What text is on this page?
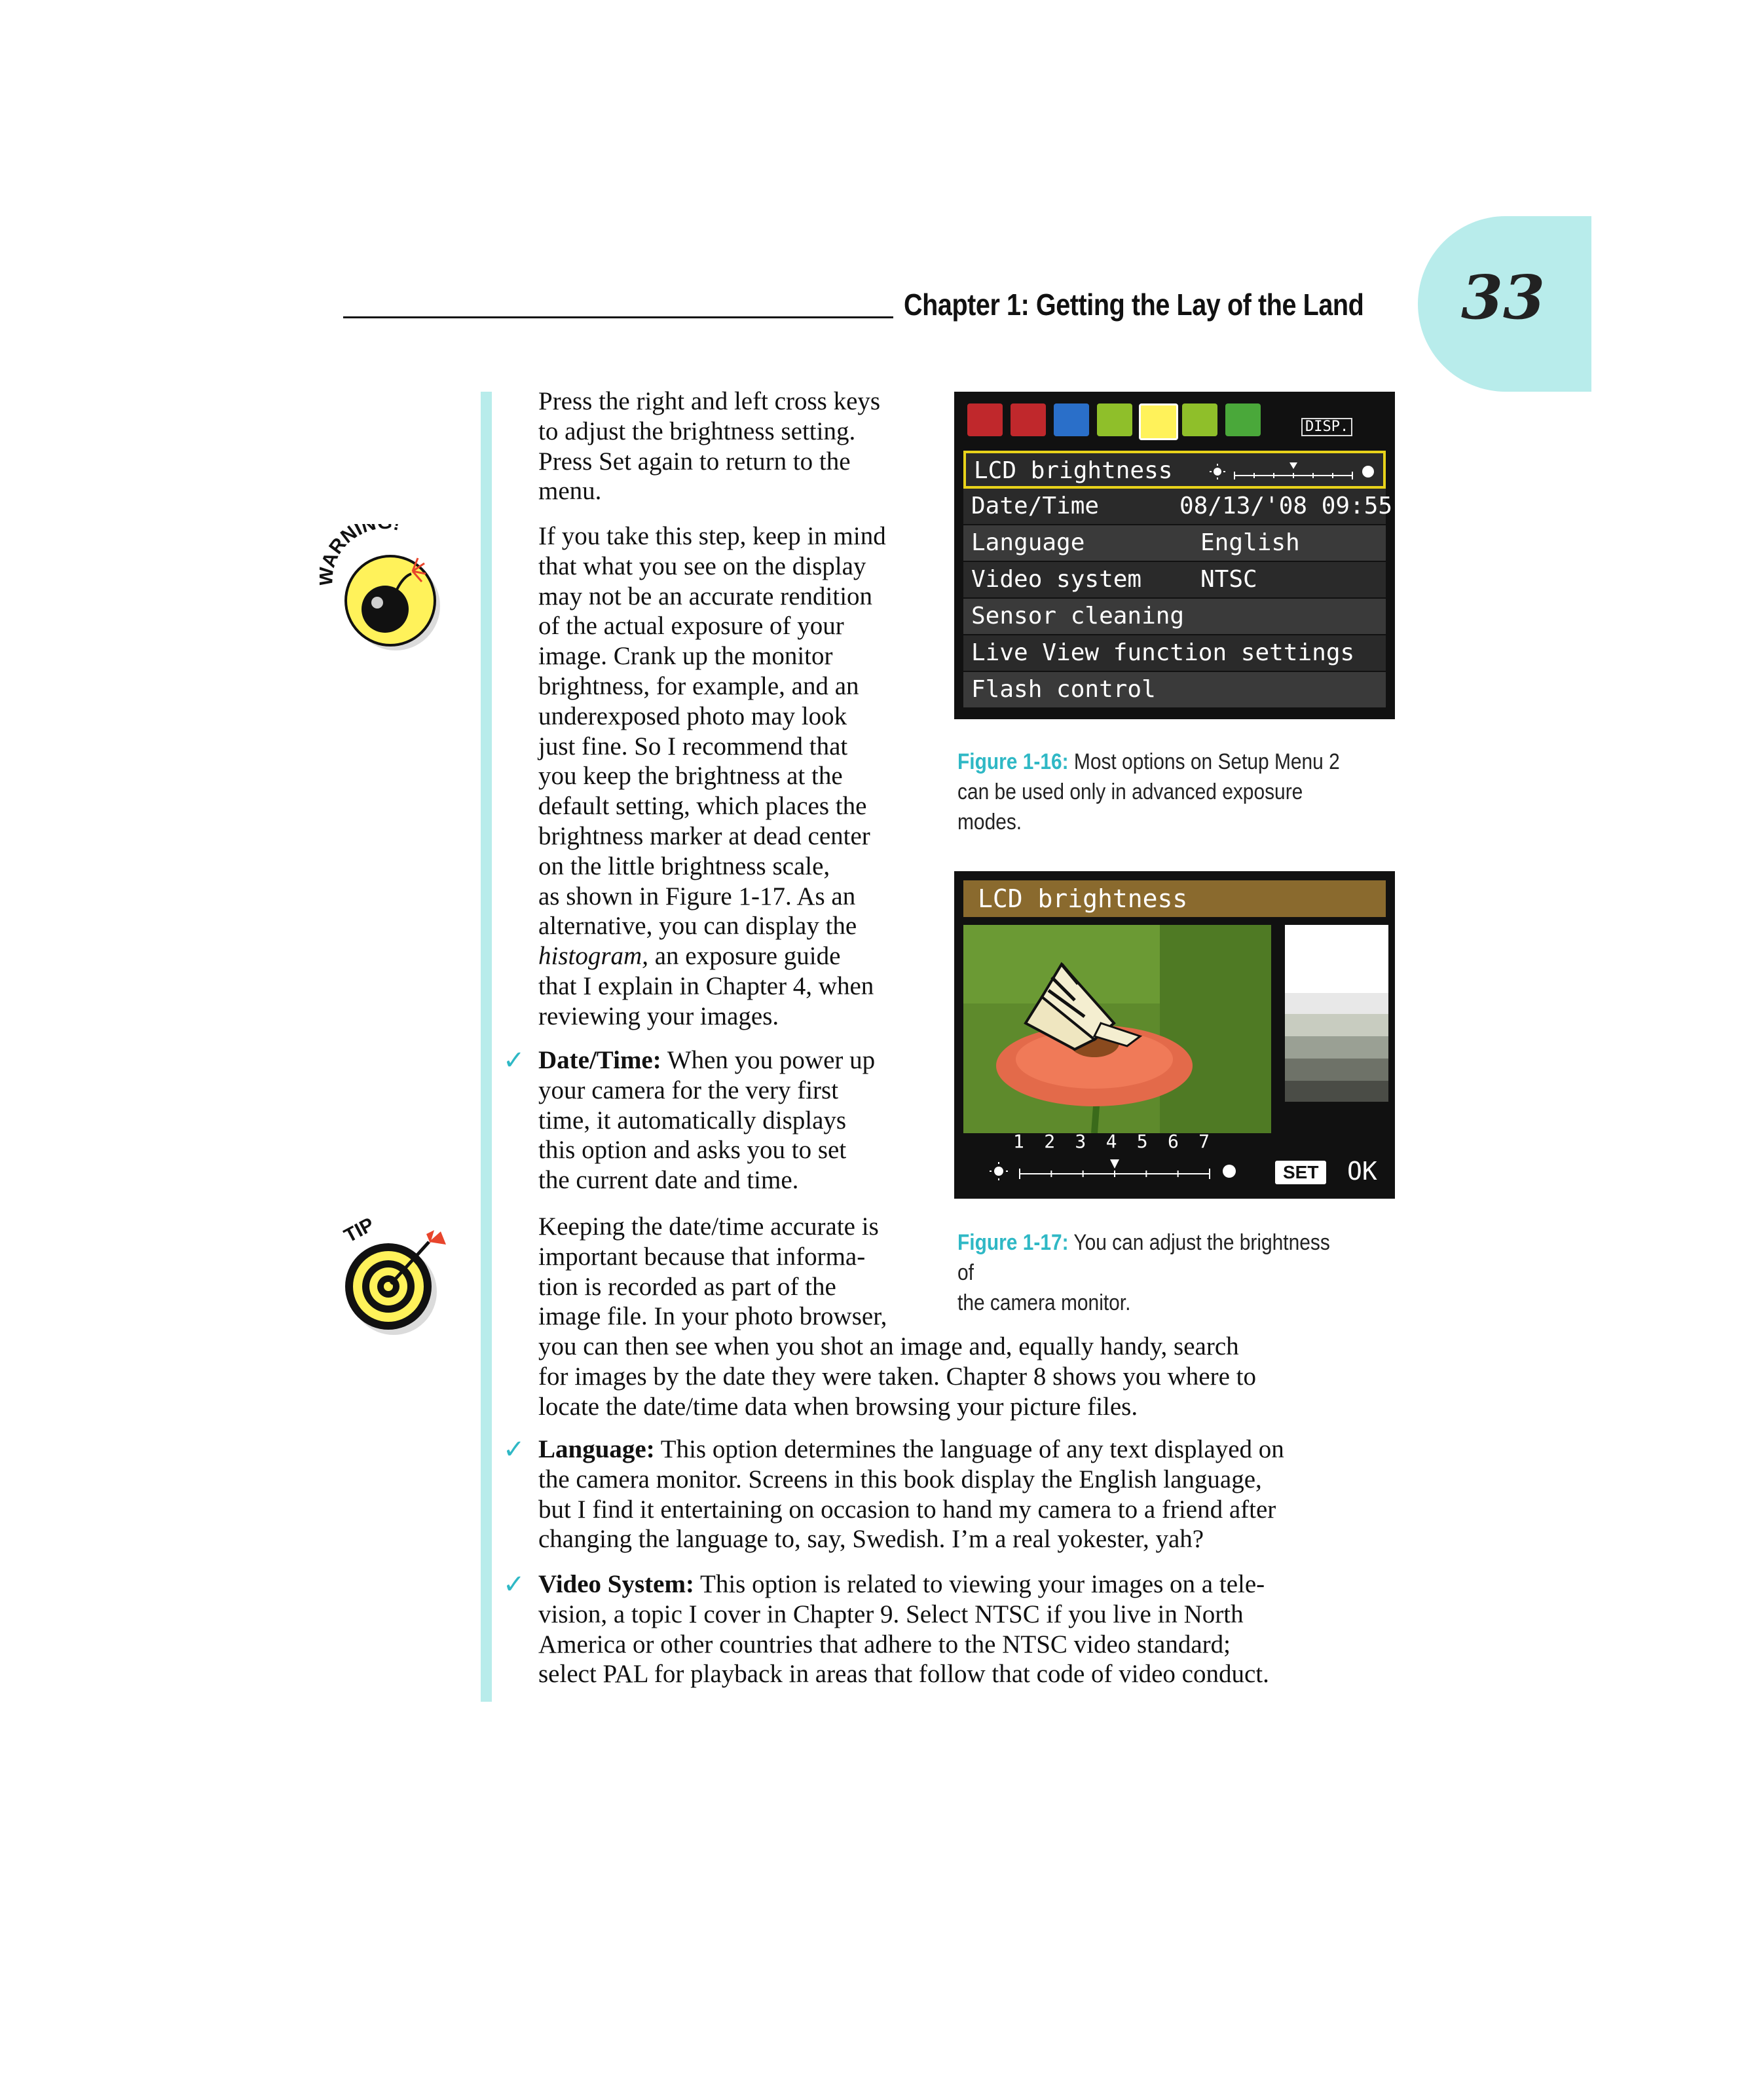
Chapter 1: Getting the Lay of the Land 33
ARNIN
TIP
Press the right and left cross keys
to adjust the brightness setting.
Press Set again to return to the
menu.
If you take this step, keep in mind
that what you see on the display
may not be an accurate rendition
of the actual exposure of your
image. Crank up the monitor
brightness, for example, and an
underexposed photo may look
just fine. So I recommend that
you keep the brightness at the
default setting, which places the
brightness marker at dead center
on the little brightness scale,
as shown in Figure 1-17. As an
alternative, you can display the
histogram, an exposure guide
that I explain in Chapter 4, when
reviewing your images.
✓ Date/Time: When you power up
your camera for the very first
time, it automatically displays
this option and asks you to set
the current date and time.
Keeping the date/time accurate is
important because that informa-
tion is recorded as part of the
image file. In your photo browser,
you can then see when you shot an image and, equally handy, search
for images by the date they were taken. Chapter 8 shows you where to
locate the date/time data when browsing your picture files.
✓ Language: This option determines the language of any text displayed on
the camera monitor. Screens in this book display the English language,
but I find it entertaining on occasion to hand my camera to a friend after
changing the language to, say, Swedish. I’m a real yokester, yah?
✓ Video System: This option is related to viewing your images on a tele-
vision, a topic I cover in Chapter 9. Select NTSC if you live in North
America or other countries that adhere to the NTSC video standard;
select PAL for playback in areas that follow that code of video conduct.
DISP.
LCD brightness
Date/Time	08/13/'08 09:55
Language	English
Video system NTSC
Sensor cleaning
Live View function settings
Flash control
Figure 1-16: Most options on Setup Menu 2
can be used only in advanced exposure
modes.
LCD brightness
1 2 3 4 5 6 7
SET	OK
Figure 1-17: You can adjust the brightness of
the camera monitor.
